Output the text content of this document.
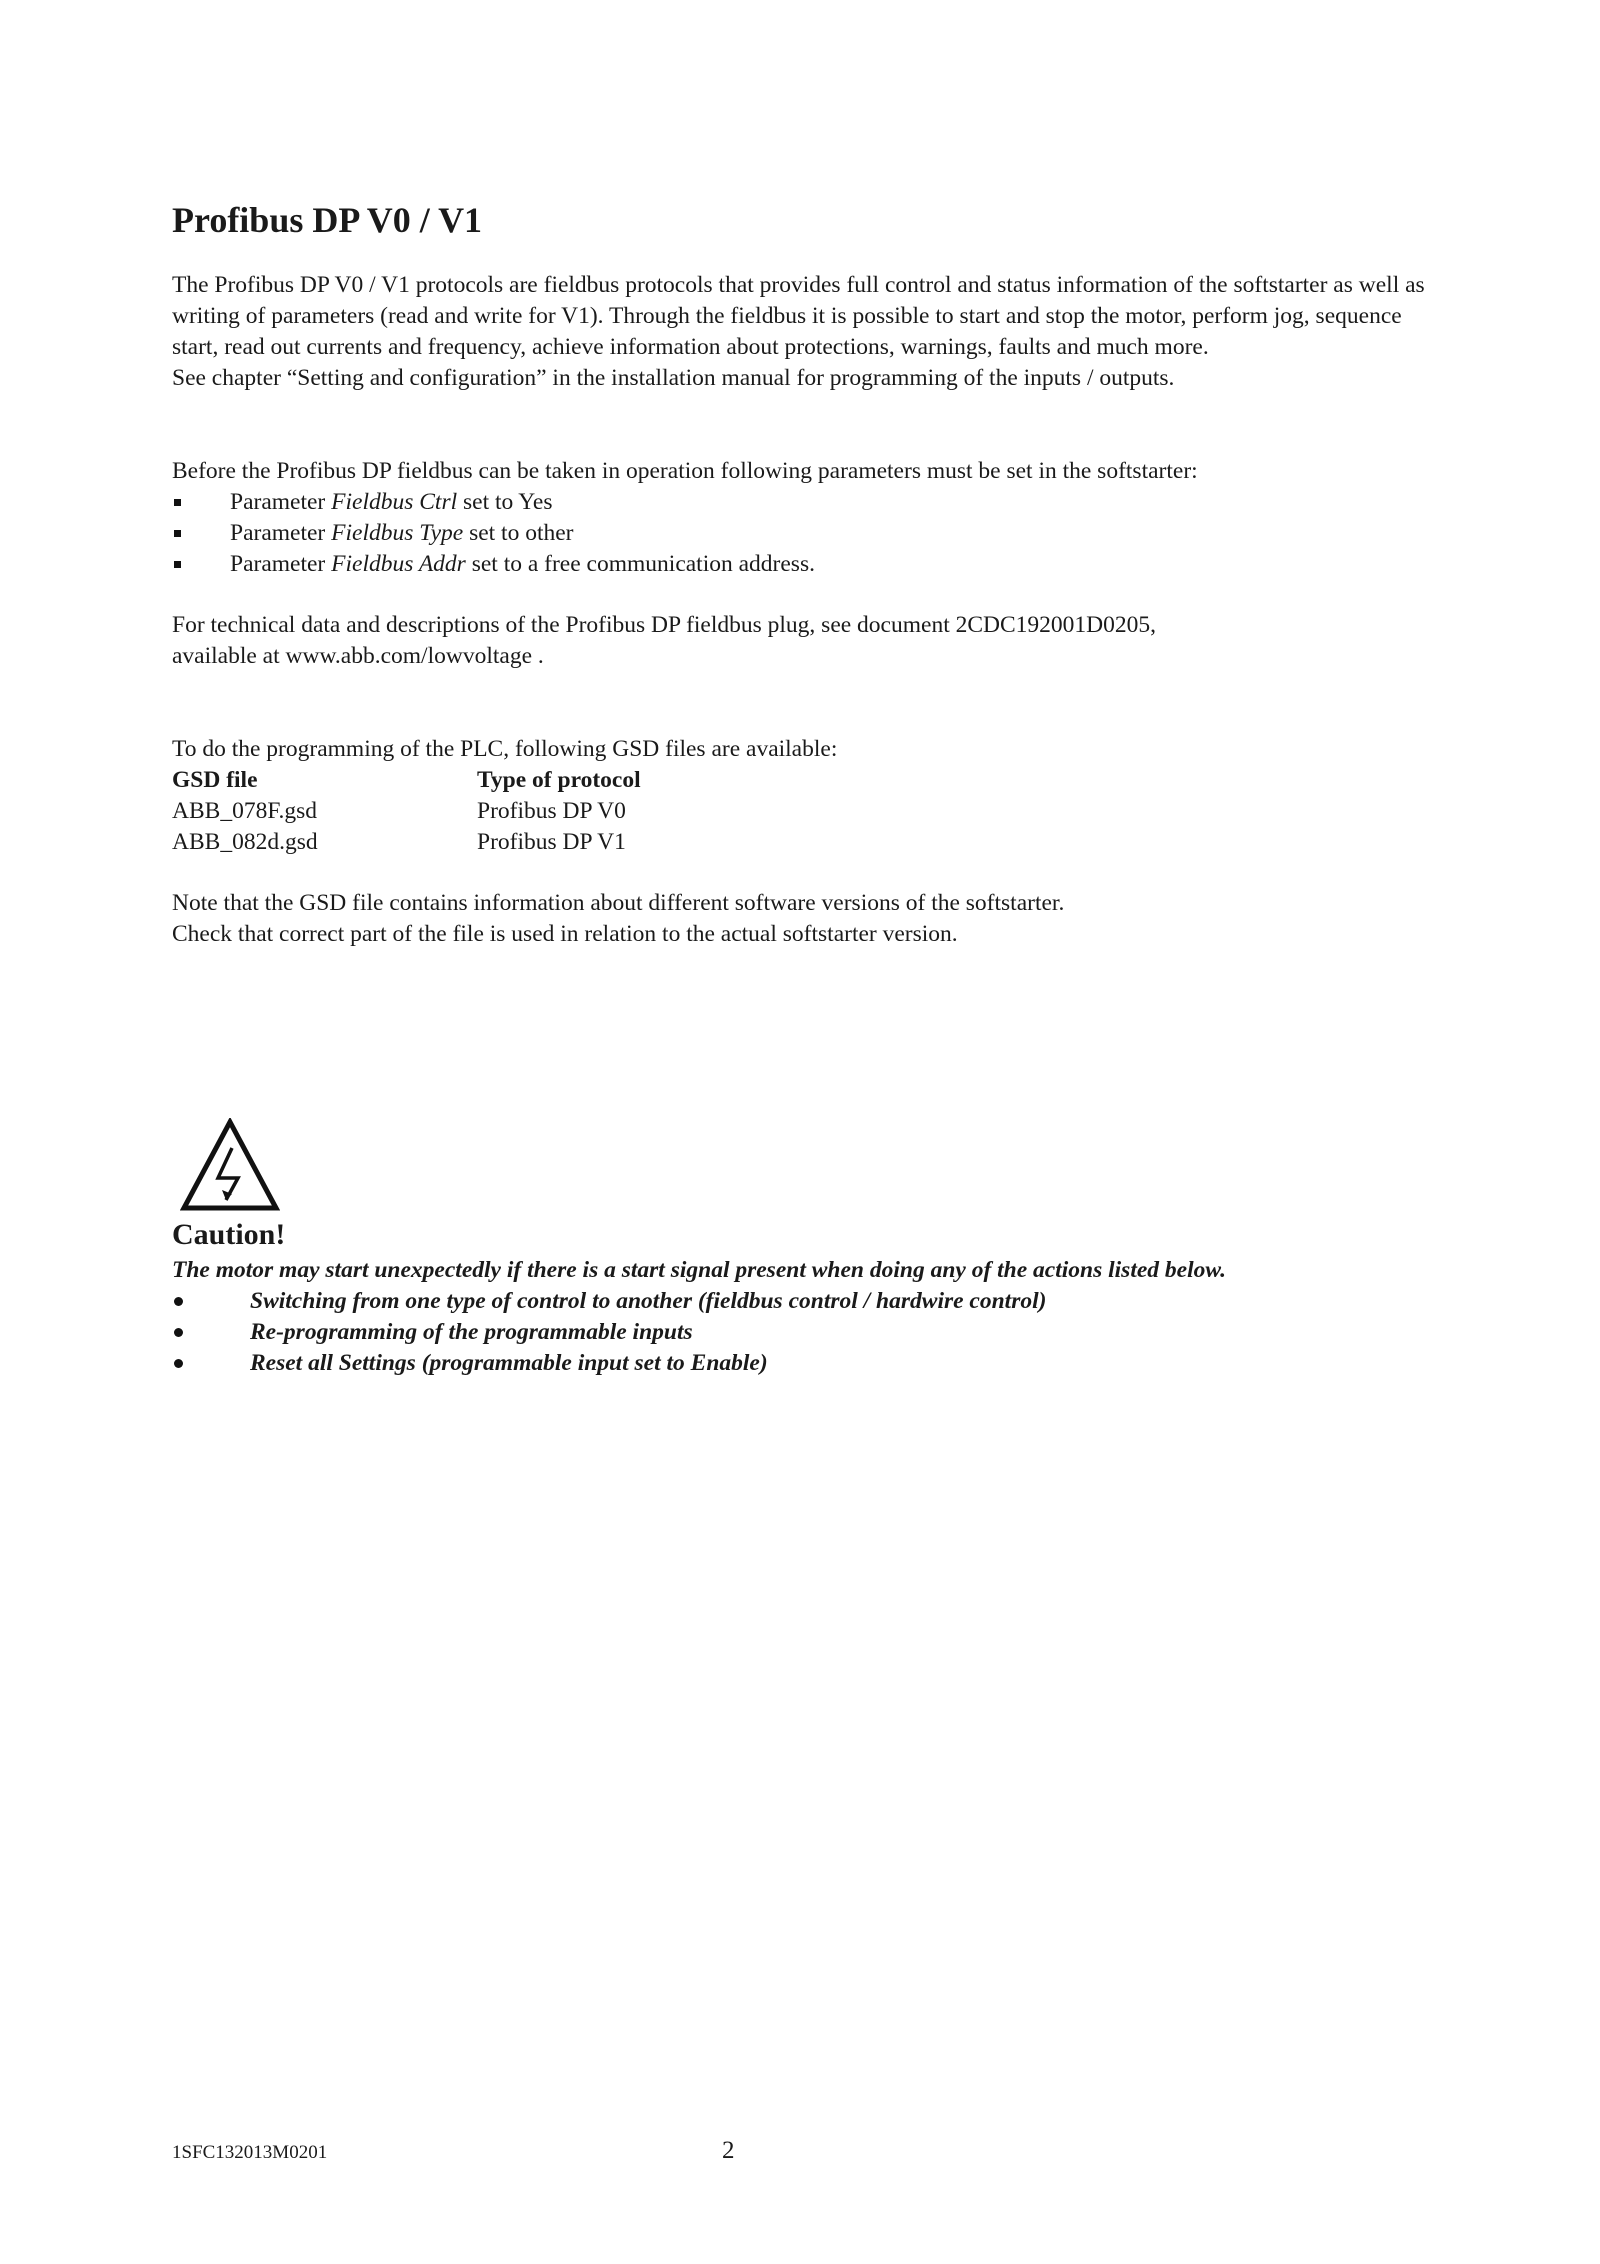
Profibus DP V0 / V1

The Profibus DP V0 / V1 protocols are fieldbus protocols that provides full control and status information of the softstarter as well as writing of parameters (read and write for V1). Through the fieldbus it is possible to start and stop the motor, perform jog, sequence start, read out currents and frequency, achieve information about protections, warnings, faults and much more.

See chapter “Setting and configuration” in the installation manual for programming of the inputs / outputs.

Before the Profibus DP fieldbus can be taken in operation following parameters must be set in the softstarter:

Parameter Fieldbus Ctrl set to Yes
Parameter Fieldbus Type set to other
Parameter Fieldbus Addr set to a free communication address.

For technical data and descriptions of the Profibus DP fieldbus plug, see document 2CDC192001D0205,

available at www.abb.com/lowvoltage .

To do the programming of the PLC, following GSD files are available:

GSD file	Type of protocol
ABB_078F.gsd	Profibus DP V0
ABB_082d.gsd	Profibus DP V1

Note that the GSD file contains information about different software versions of the softstarter.

Check that correct part of the file is used in relation to the actual softstarter version.

Caution!

The motor may start unexpectedly if there is a start signal present when doing any of the actions listed below.

Switching from one type of control to another (fieldbus control / hardwire control)
Re-programming of the programmable inputs
Reset all Settings (programmable input set to Enable)
1SFC132013M0201	2
